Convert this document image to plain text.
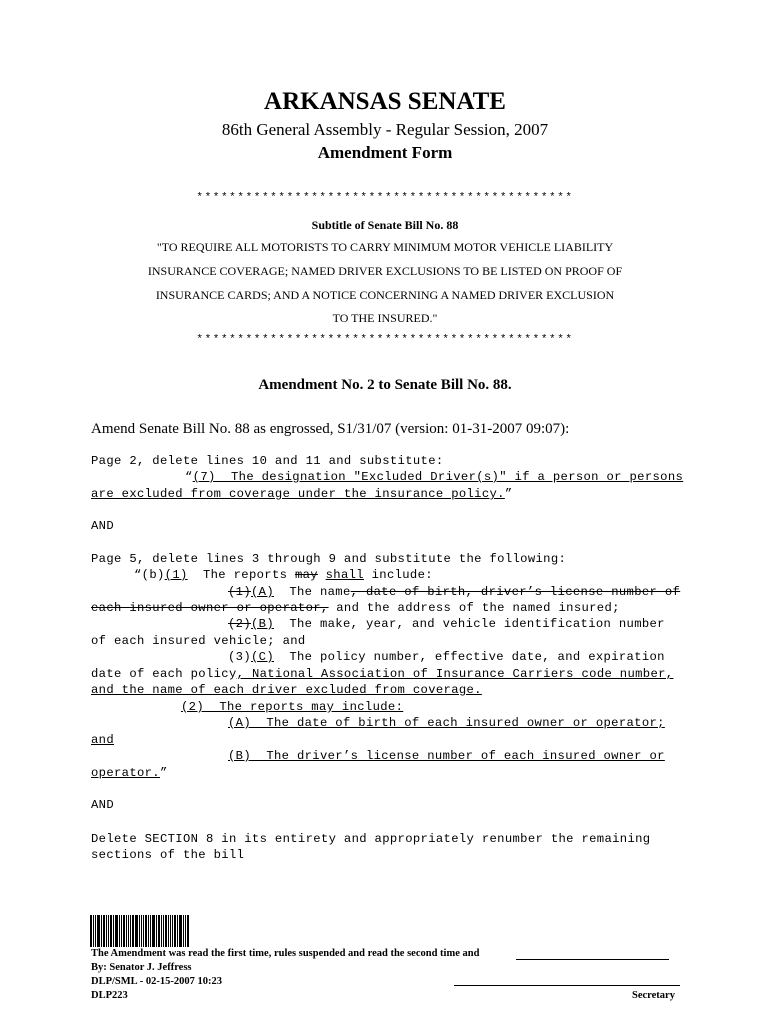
ARKANSAS SENATE
86th General Assembly - Regular Session, 2007
Amendment Form
**********************************************
Subtitle of Senate Bill No. 88
"TO REQUIRE ALL MOTORISTS TO CARRY MINIMUM MOTOR VEHICLE LIABILITY
INSURANCE COVERAGE; NAMED DRIVER EXCLUSIONS TO BE LISTED ON PROOF OF
INSURANCE CARDS; AND A NOTICE CONCERNING A NAMED DRIVER EXCLUSION
TO THE INSURED."
**********************************************
Amendment No. 2 to Senate Bill No. 88.
Amend Senate Bill No. 88 as engrossed, S1/31/07 (version: 01-31-2007 09:07):
Page 2, delete lines 10 and 11 and substitute:
“(7)  The designation "Excluded Driver(s)" if a person or persons
are excluded from coverage under the insurance policy.”
AND
Page 5, delete lines 3 through 9 and substitute the following:
“(b)(1)  The reports may shall include:
(1)(A)  The name, date of birth, driver’s license number of
each insured owner or operator, and the address of the named insured;
(2)(B)  The make, year, and vehicle identification number
of each insured vehicle; and
(3)(C)  The policy number, effective date, and expiration
date of each policy, National Association of Insurance Carriers code number,
and the name of each driver excluded from coverage.
(2)  The reports may include:
(A)  The date of birth of each insured owner or operator;
and
(B)  The driver’s license number of each insured owner or
operator.”
AND
Delete SECTION 8 in its entirety and appropriately renumber the remaining
sections of the bill
The Amendment was read the first time, rules suspended and read the second time and
By: Senator J. Jeffress
DLP/SML - 02-15-2007 10:23
DLP223	Secretary
